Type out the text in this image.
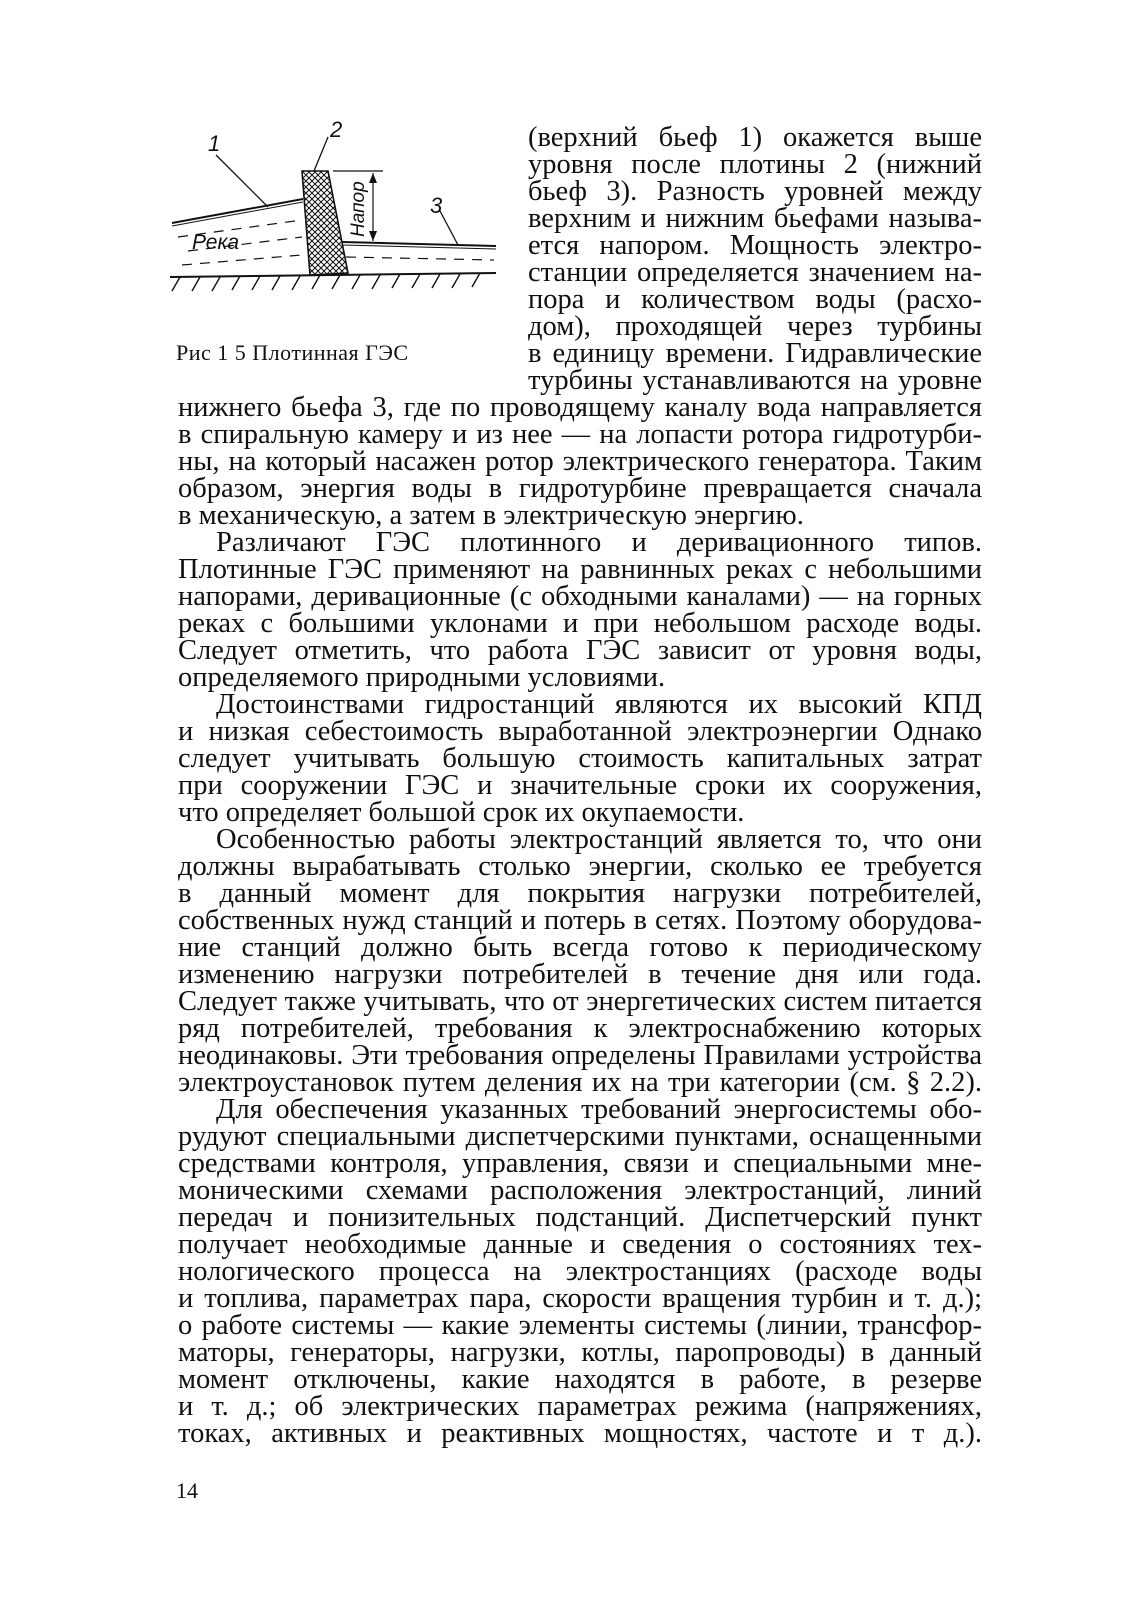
1
2
3
Река
Напор
Рис 1 5 Плотинная ГЭС
(верхний бьеф 1) окажется выше
уровня после плотины 2 (нижний
бьеф 3). Разность уровней между
верхним и нижним бьефами называ-
ется напором. Мощность электро-
станции определяется значением на-
пора и количеством воды (расхо-
дом), проходящей через турбины
в единицу времени. Гидравлические
турбины устанавливаются на уровне
нижнего бьефа 3, где по проводящему каналу вода направляется
в спиральную камеру и из нее — на лопасти ротора гидротурби-
ны, на который насажен ротор электрического генератора. Таким
образом, энергия воды в гидротурбине превращается сначала
в механическую, а затем в электрическую энергию.
Различают ГЭС плотинного и деривационного типов.
Плотинные ГЭС применяют на равнинных реках с небольшими
напорами, деривационные (с обходными каналами) — на горных
реках с большими уклонами и при небольшом расходе воды.
Следует отметить, что работа ГЭС зависит от уровня воды,
определяемого природными условиями.
Достоинствами гидростанций являются их высокий КПД
и низкая себестоимость выработанной электроэнергии Однако
следует учитывать большую стоимость капитальных затрат
при сооружении ГЭС и значительные сроки их сооружения,
что определяет большой срок их окупаемости.
Особенностью работы электростанций является то, что они
должны вырабатывать столько энергии, сколько ее требуется
в данный момент для покрытия нагрузки потребителей,
собственных нужд станций и потерь в сетях. Поэтому оборудова-
ние станций должно быть всегда готово к периодическому
изменению нагрузки потребителей в течение дня или года.
Следует также учитывать, что от энергетических систем питается
ряд потребителей, требования к электроснабжению которых
неодинаковы. Эти требования определены Правилами устройства
электроустановок путем деления их на три категории (см. § 2.2).
Для обеспечения указанных требований энергосистемы обо-
рудуют специальными диспетчерскими пунктами, оснащенными
средствами контроля, управления, связи и специальными мне-
моническими схемами расположения электростанций, линий
передач и понизительных подстанций. Диспетчерский пункт
получает необходимые данные и сведения о состояниях тех-
нологического процесса на электростанциях (расходе воды
и топлива, параметрах пара, скорости вращения турбин и т. д.);
о работе системы — какие элементы системы (линии, трансфор-
маторы, генераторы, нагрузки, котлы, паропроводы) в данный
момент отключены, какие находятся в работе, в резерве
и т. д.; об электрических параметрах режима (напряжениях,
токах, активных и реактивных мощностях, частоте и т д.).
14
